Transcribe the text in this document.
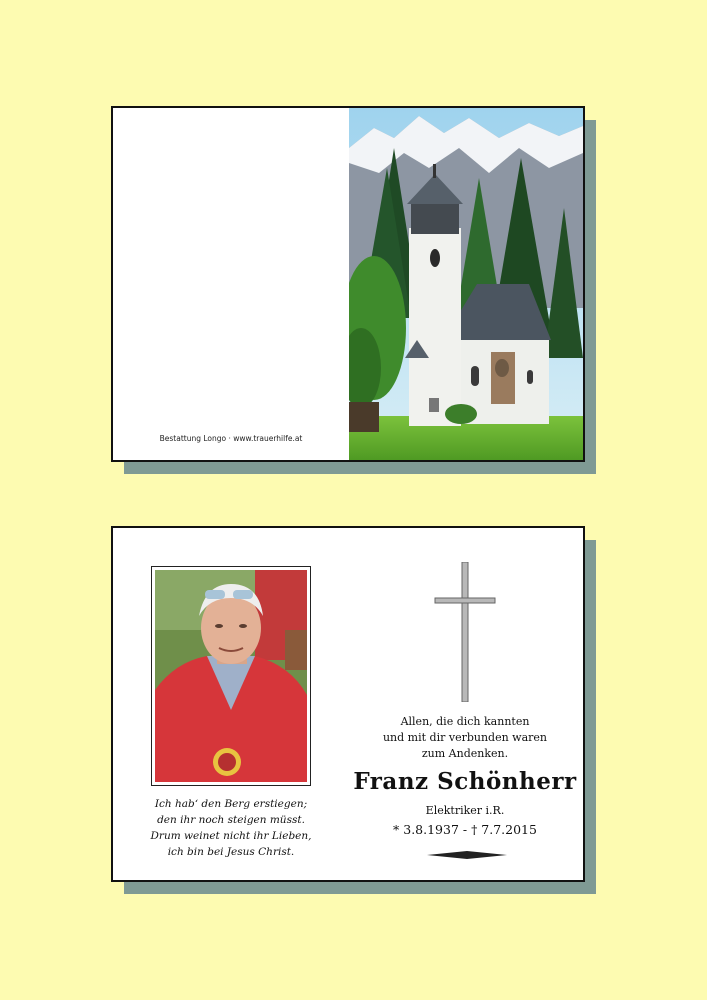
Bestattung Longo · www.trauerhilfe.at
Ich hab‘ den Berg erstiegen;
den ihr noch steigen müsst.
Drum weinet nicht ihr Lieben,
ich bin bei Jesus Christ.
Allen, die dich kannten
und mit dir verbunden waren
zum Andenken.
Franz Schönherr
Elektriker i.R.
* 3.8.1937 - † 7.7.2015
